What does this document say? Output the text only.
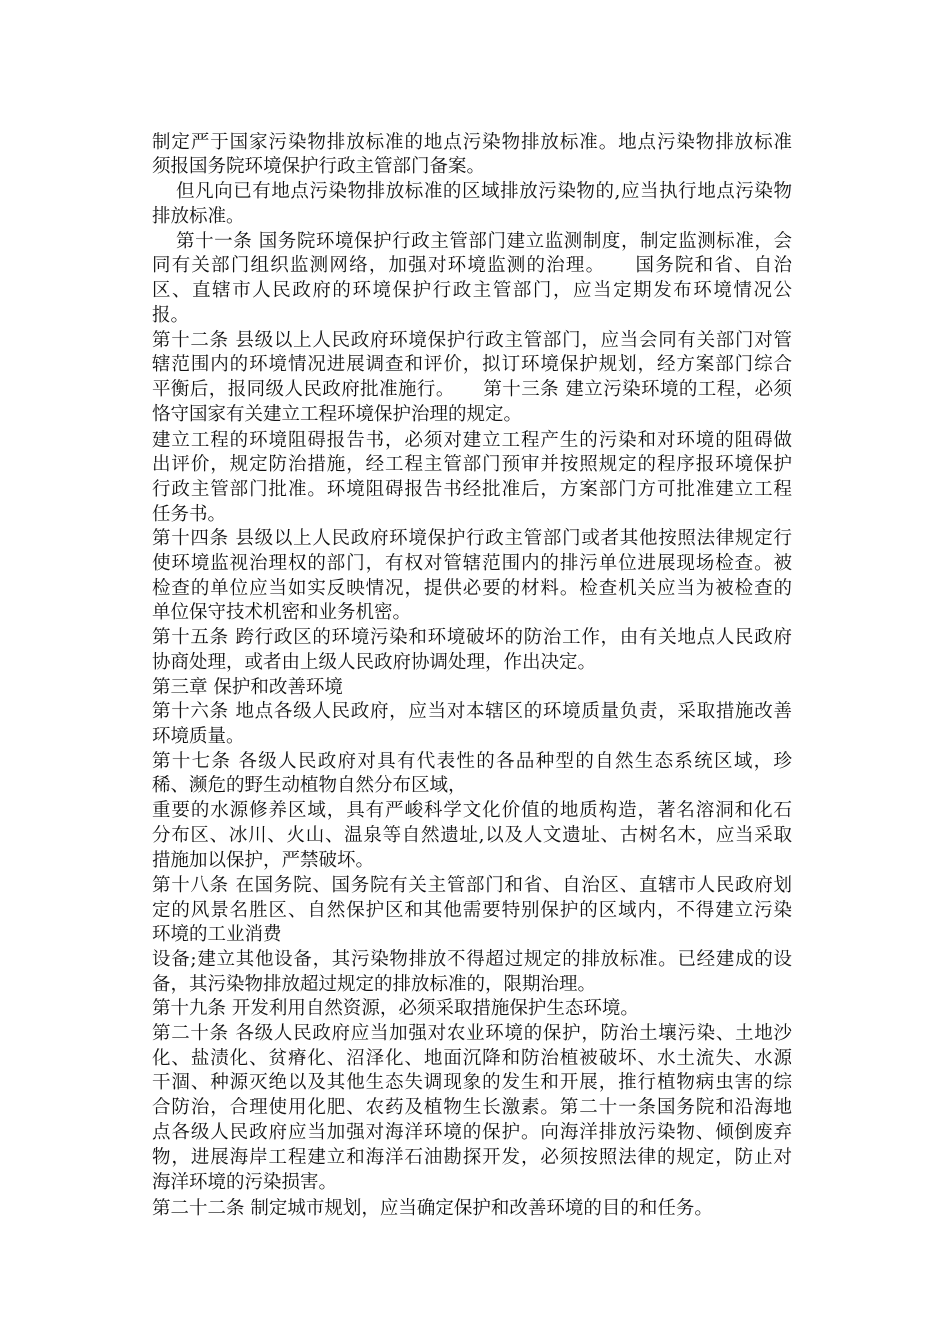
制定严于国家污染物排放标准的地点污染物排放标准。地点污染物排放标准
须报国务院环境保护行政主管部门备案。
但凡向已有地点污染物排放标准的区域排放污染物的,应当执行地点污染物
排放标准。
第十一条 国务院环境保护行政主管部门建立监测制度，制定监测标准，会
同有关部门组织监测网络，加强对环境监测的治理。　　国务院和省、自治
区、直辖市人民政府的环境保护行政主管部门，应当定期发布环境情况公
报。
第十二条 县级以上人民政府环境保护行政主管部门，应当会同有关部门对管
辖范围内的环境情况进展调查和评价，拟订环境保护规划，经方案部门综合
平衡后，报同级人民政府批准施行。　　第十三条 建立污染环境的工程，必须
恪守国家有关建立工程环境保护治理的规定。
建立工程的环境阻碍报告书，必须对建立工程产生的污染和对环境的阻碍做
出评价，规定防治措施，经工程主管部门预审并按照规定的程序报环境保护
行政主管部门批准。环境阻碍报告书经批准后，方案部门方可批准建立工程
任务书。
第十四条 县级以上人民政府环境保护行政主管部门或者其他按照法律规定行
使环境监视治理权的部门，有权对管辖范围内的排污单位进展现场检查。被
检查的单位应当如实反映情况，提供必要的材料。检查机关应当为被检查的
单位保守技术机密和业务机密。
第十五条 跨行政区的环境污染和环境破坏的防治工作，由有关地点人民政府
协商处理，或者由上级人民政府协调处理，作出决定。
第三章 保护和改善环境
第十六条 地点各级人民政府，应当对本辖区的环境质量负责，采取措施改善
环境质量。
第十七条 各级人民政府对具有代表性的各品种型的自然生态系统区域，珍
稀、濒危的野生动植物自然分布区域，
重要的水源修养区域，具有严峻科学文化价值的地质构造，著名溶洞和化石
分布区、冰川、火山、温泉等自然遗址,以及人文遗址、古树名木，应当采取
措施加以保护，严禁破坏。
第十八条 在国务院、国务院有关主管部门和省、自治区、直辖市人民政府划
定的风景名胜区、自然保护区和其他需要特别保护的区域内，不得建立污染
环境的工业消费
设备;建立其他设备，其污染物排放不得超过规定的排放标准。已经建成的设
备，其污染物排放超过规定的排放标准的，限期治理。
第十九条 开发利用自然资源，必须采取措施保护生态环境。
第二十条 各级人民政府应当加强对农业环境的保护，防治土壤污染、土地沙
化、盐渍化、贫瘠化、沼泽化、地面沉降和防治植被破坏、水土流失、水源
干涸、种源灭绝以及其他生态失调现象的发生和开展，推行植物病虫害的综
合防治，合理使用化肥、农药及植物生长激素。第二十一条国务院和沿海地
点各级人民政府应当加强对海洋环境的保护。向海洋排放污染物、倾倒废弃
物，进展海岸工程建立和海洋石油勘探开发，必须按照法律的规定，防止对
海洋环境的污染损害。
第二十二条 制定城市规划，应当确定保护和改善环境的目的和任务。
